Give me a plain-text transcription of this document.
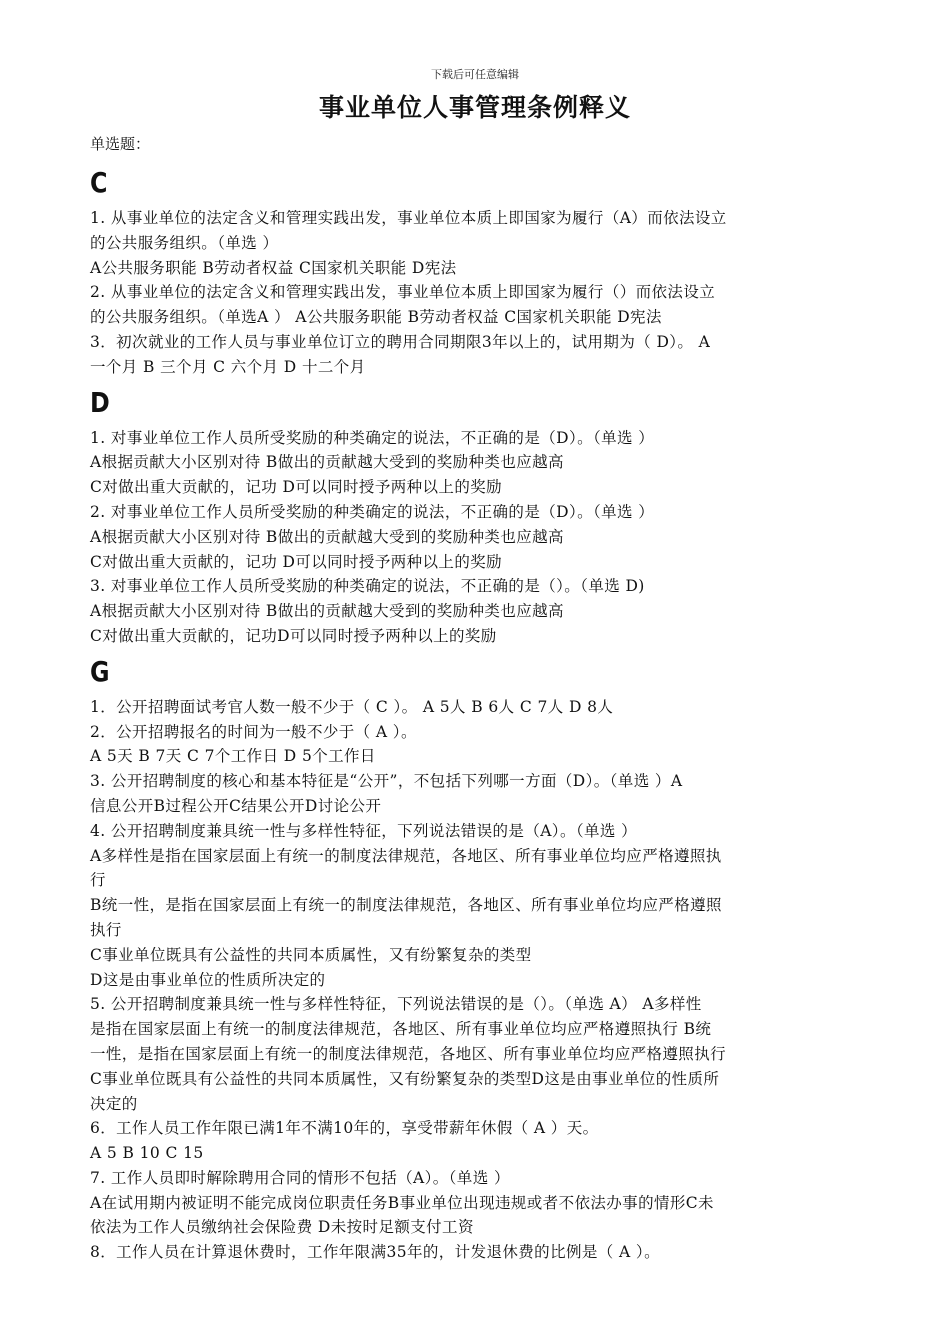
下载后可任意编辑
事业单位人事管理条例释义
单选题：
C
1. 从事业单位的法定含义和管理实践出发，事业单位本质上即国家为履行（A）而依法设立
的公共服务组织。（单选 ）
A公共服务职能 B劳动者权益 C国家机关职能 D宪法
2. 从事业单位的法定含义和管理实践出发，事业单位本质上即国家为履行（）而依法设立
的公共服务组织。（单选A ） A公共服务职能 B劳动者权益 C国家机关职能 D宪法
3．初次就业的工作人员与事业单位订立的聘用合同期限3年以上的，试用期为（ D）。 A
一个月 B 三个月 C 六个月 D 十二个月
D
1. 对事业单位工作人员所受奖励的种类确定的说法，不正确的是（D）。（单选 ）
A根据贡献大小区别对待 B做出的贡献越大受到的奖励种类也应越高
C对做出重大贡献的，记功 D可以同时授予两种以上的奖励
2. 对事业单位工作人员所受奖励的种类确定的说法，不正确的是（D）。（单选 ）
A根据贡献大小区别对待 B做出的贡献越大受到的奖励种类也应越高
C对做出重大贡献的，记功 D可以同时授予两种以上的奖励
3. 对事业单位工作人员所受奖励的种类确定的说法，不正确的是（）。（单选 D)
A根据贡献大小区别对待 B做出的贡献越大受到的奖励种类也应越高
C对做出重大贡献的，记功D可以同时授予两种以上的奖励
G
1．公开招聘面试考官人数一般不少于（ C ）。 A 5人 B 6人 C 7人 D 8人
2．公开招聘报名的时间为一般不少于（ A ）。
A 5天 B 7天 C 7个工作日 D 5个工作日
3. 公开招聘制度的核心和基本特征是“公开”，不包括下列哪一方面（D）。（单选 ）A
信息公开B过程公开C结果公开D讨论公开
4. 公开招聘制度兼具统一性与多样性特征，下列说法错误的是（A）。（单选 ）
A多样性是指在国家层面上有统一的制度法律规范，各地区、所有事业单位均应严格遵照执
行
B统一性，是指在国家层面上有统一的制度法律规范，各地区、所有事业单位均应严格遵照
执行
C事业单位既具有公益性的共同本质属性，又有纷繁复杂的类型
D这是由事业单位的性质所决定的
5. 公开招聘制度兼具统一性与多样性特征，下列说法错误的是（）。（单选 A） A多样性
是指在国家层面上有统一的制度法律规范，各地区、所有事业单位均应严格遵照执行 B统
一性，是指在国家层面上有统一的制度法律规范，各地区、所有事业单位均应严格遵照执行
C事业单位既具有公益性的共同本质属性，又有纷繁复杂的类型D这是由事业单位的性质所
决定的
6．工作人员工作年限已满1年不满10年的，享受带薪年休假（ A ）天。
A 5 B 10 C 15
7. 工作人员即时解除聘用合同的情形不包括（A）。（单选 ）
A在试用期内被证明不能完成岗位职责任务B事业单位出现违规或者不依法办事的情形C未
依法为工作人员缴纳社会保险费 D未按时足额支付工资
8．工作人员在计算退休费时，工作年限满35年的，计发退休费的比例是（ A ）。
